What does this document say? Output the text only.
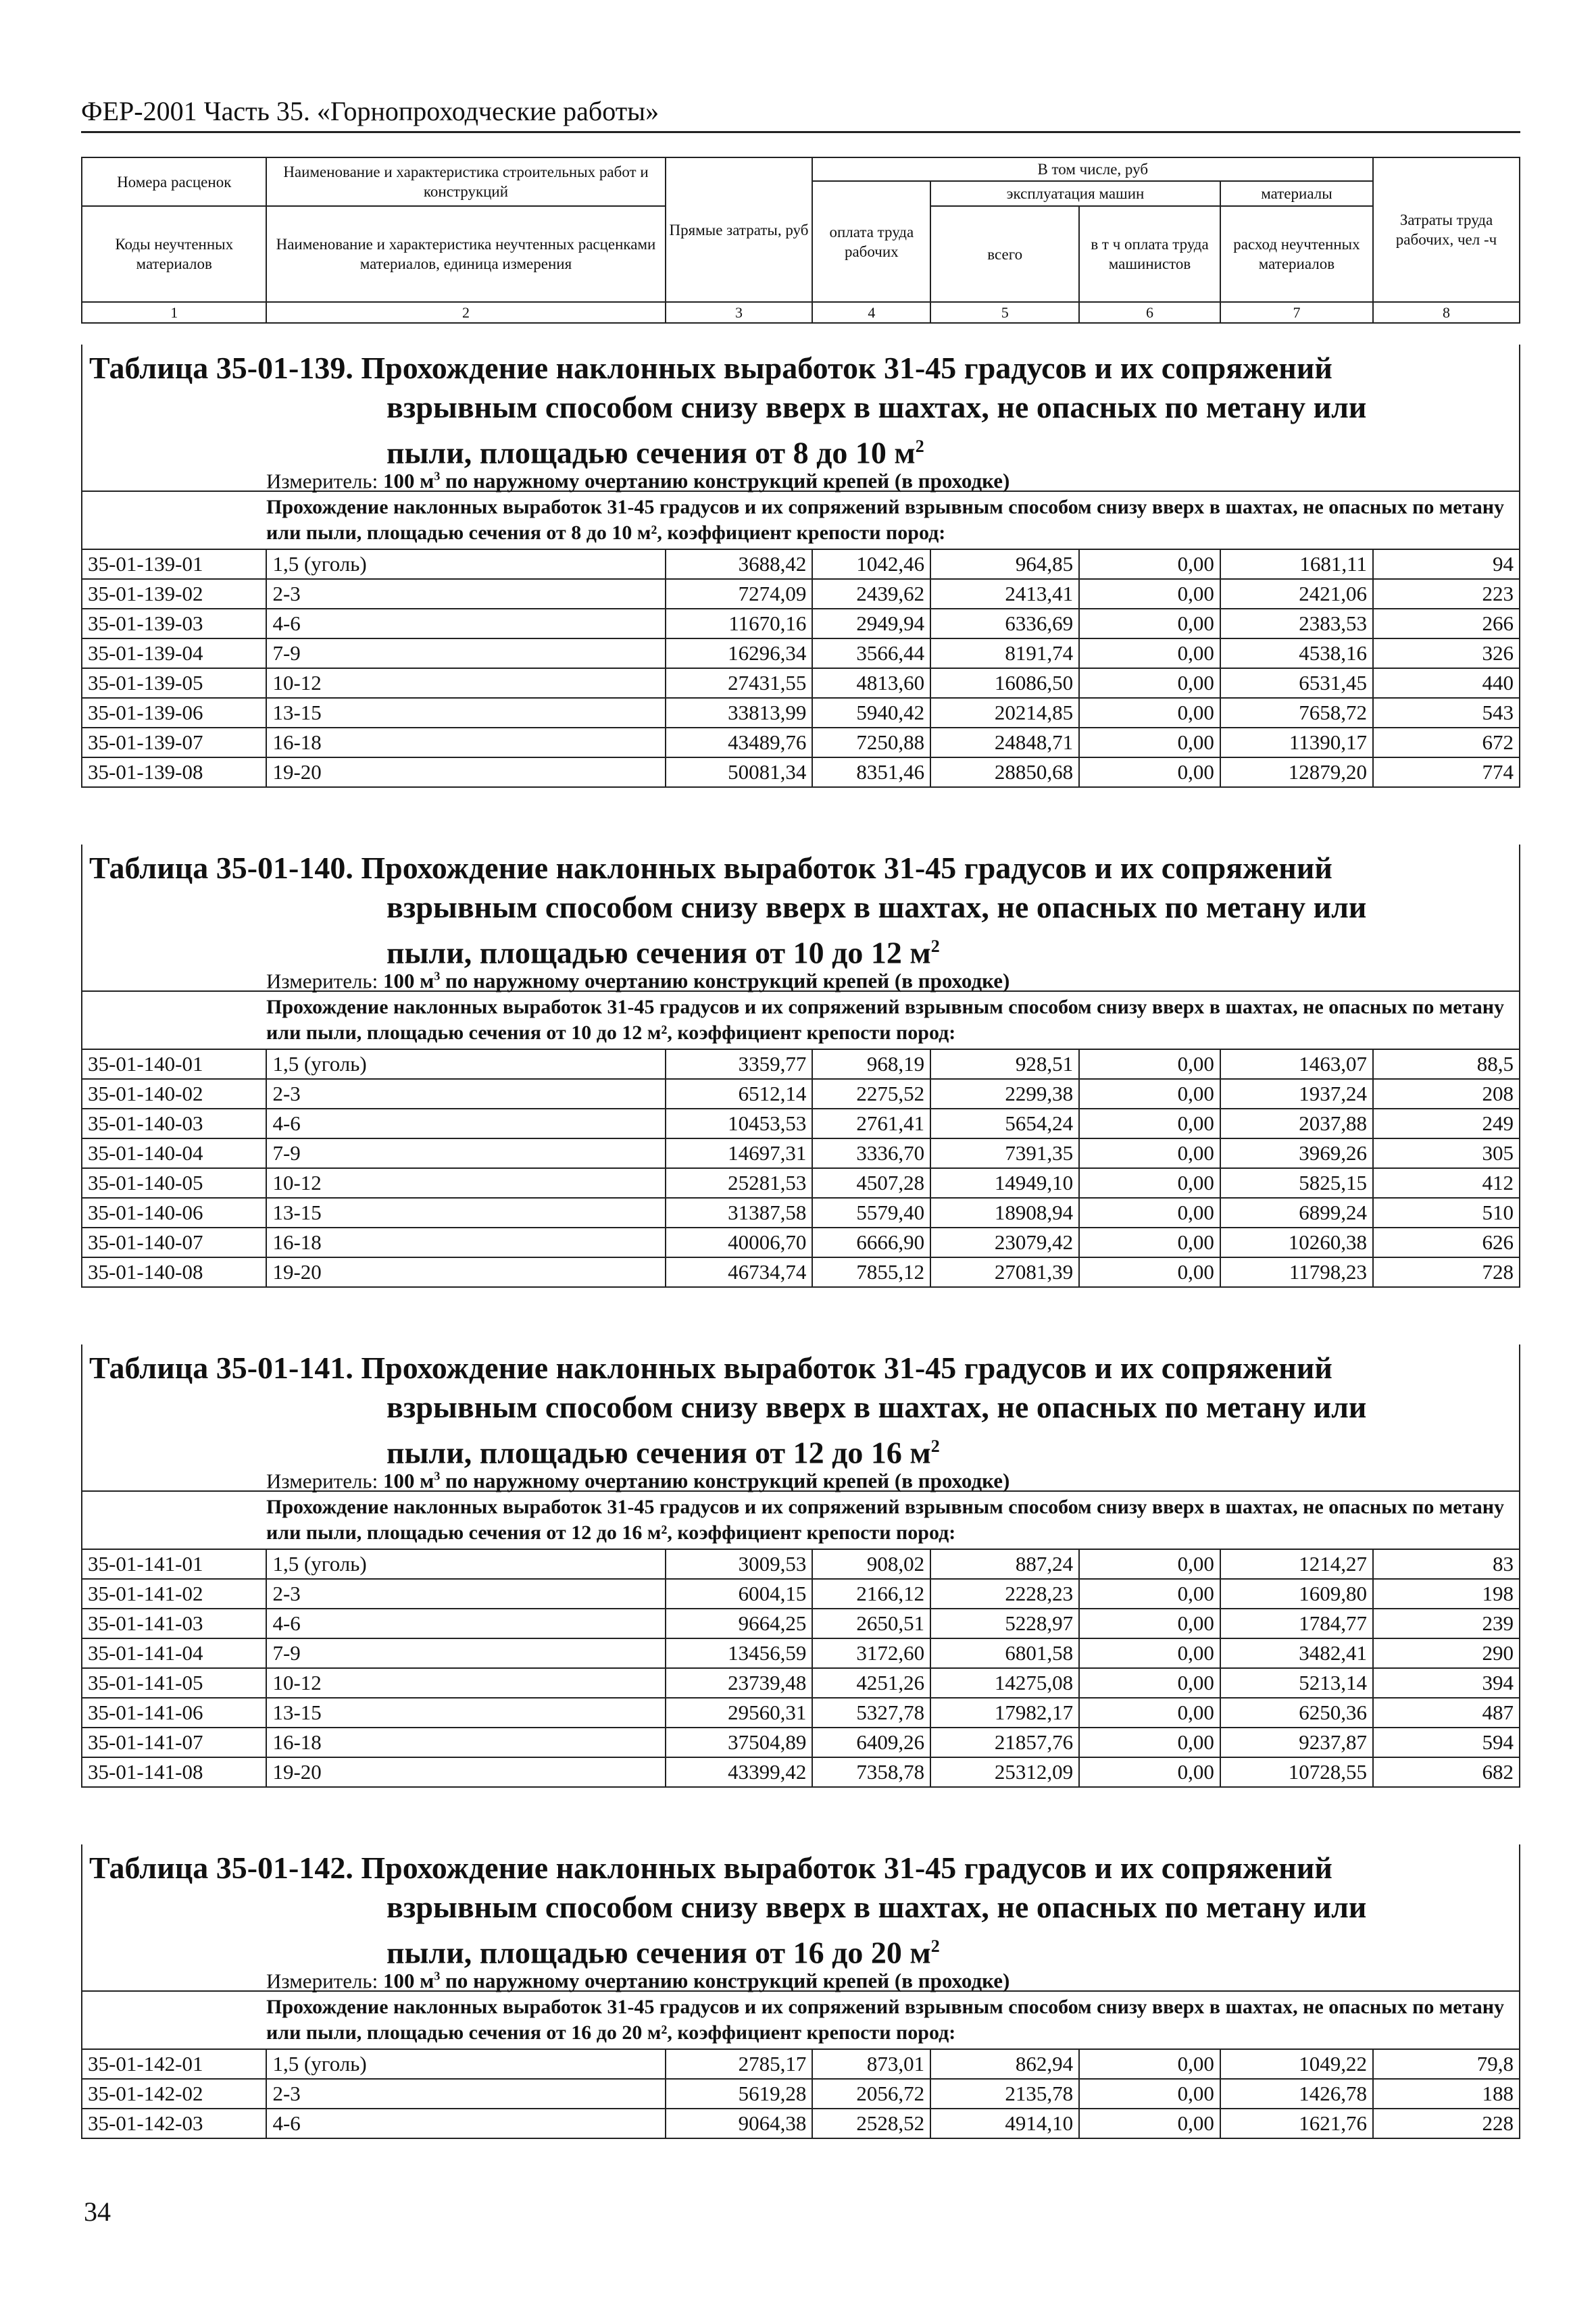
ФЕР-2001 Часть 35. «Горнопроходческие работы»
Номера расценок	Наименование и характеристика строительных работ и конструкций	Прямые затраты, руб	В том числе, руб				Затраты труда рабочих, чел -ч
			оплата труда рабочих	эксплуатация машин		материалы	
Коды неучтенных материалов	Наименование и характеристика неучтенных расценками материалов, единица измерения			всего	в т ч оплата труда машинистов	расход неучтенных материалов	

1	2	3	4	5	6	7	8
Таблица 35-01-139. Прохождение наклонных выработок 31-45 градусов и их сопряжений
взрывным способом снизу вверх в шахтах, не опасных по метану или
пыли, площадью сечения от 8 до 10 $м^2$
Измеритель: 100 $м^3$ по наружному очертанию конструкций крепей (в проходке)
Прохождение наклонных выработок 31-45 градусов и их сопряжений взрывным способом снизу вверх в шахтах, не опасных по метану или пыли, площадью сечения от 8 до 10 м², коэффициент крепости пород:							
35-01-139-01	1,5 (уголь)	3688,42	1042,46	964,85	0,00	1681,11	94
35-01-139-02	2-3	7274,09	2439,62	2413,41	0,00	2421,06	223
35-01-139-03	4-6	11670,16	2949,94	6336,69	0,00	2383,53	266
35-01-139-04	7-9	16296,34	3566,44	8191,74	0,00	4538,16	326
35-01-139-05	10-12	27431,55	4813,60	16086,50	0,00	6531,45	440
35-01-139-06	13-15	33813,99	5940,42	20214,85	0,00	7658,72	543
35-01-139-07	16-18	43489,76	7250,88	24848,71	0,00	11390,17	672
35-01-139-08	19-20	50081,34	8351,46	28850,68	0,00	12879,20	774
Таблица 35-01-140. Прохождение наклонных выработок 31-45 градусов и их сопряжений
взрывным способом снизу вверх в шахтах, не опасных по метану или
пыли, площадью сечения от 10 до 12 $м^2$
Измеритель: 100 $м^3$ по наружному очертанию конструкций крепей (в проходке)
Прохождение наклонных выработок 31-45 градусов и их сопряжений взрывным способом снизу вверх в шахтах, не опасных по метану или пыли, площадью сечения от 10 до 12 м², коэффициент крепости пород:							
35-01-140-01	1,5 (уголь)	3359,77	968,19	928,51	0,00	1463,07	88,5
35-01-140-02	2-3	6512,14	2275,52	2299,38	0,00	1937,24	208
35-01-140-03	4-6	10453,53	2761,41	5654,24	0,00	2037,88	249
35-01-140-04	7-9	14697,31	3336,70	7391,35	0,00	3969,26	305
35-01-140-05	10-12	25281,53	4507,28	14949,10	0,00	5825,15	412
35-01-140-06	13-15	31387,58	5579,40	18908,94	0,00	6899,24	510
35-01-140-07	16-18	40006,70	6666,90	23079,42	0,00	10260,38	626
35-01-140-08	19-20	46734,74	7855,12	27081,39	0,00	11798,23	728
Таблица 35-01-141. Прохождение наклонных выработок 31-45 градусов и их сопряжений
взрывным способом снизу вверх в шахтах, не опасных по метану или
пыли, площадью сечения от 12 до 16 $м^2$
Измеритель: 100 $м^3$ по наружному очертанию конструкций крепей (в проходке)
Прохождение наклонных выработок 31-45 градусов и их сопряжений взрывным способом снизу вверх в шахтах, не опасных по метану или пыли, площадью сечения от 12 до 16 м², коэффициент крепости пород:							
35-01-141-01	1,5 (уголь)	3009,53	908,02	887,24	0,00	1214,27	83
35-01-141-02	2-3	6004,15	2166,12	2228,23	0,00	1609,80	198
35-01-141-03	4-6	9664,25	2650,51	5228,97	0,00	1784,77	239
35-01-141-04	7-9	13456,59	3172,60	6801,58	0,00	3482,41	290
35-01-141-05	10-12	23739,48	4251,26	14275,08	0,00	5213,14	394
35-01-141-06	13-15	29560,31	5327,78	17982,17	0,00	6250,36	487
35-01-141-07	16-18	37504,89	6409,26	21857,76	0,00	9237,87	594
35-01-141-08	19-20	43399,42	7358,78	25312,09	0,00	10728,55	682
Таблица 35-01-142. Прохождение наклонных выработок 31-45 градусов и их сопряжений
взрывным способом снизу вверх в шахтах, не опасных по метану или
пыли, площадью сечения от 16 до 20 $м^2$
Измеритель: 100 $м^3$ по наружному очертанию конструкций крепей (в проходке)
Прохождение наклонных выработок 31-45 градусов и их сопряжений взрывным способом снизу вверх в шахтах, не опасных по метану или пыли, площадью сечения от 16 до 20 м², коэффициент крепости пород:							
35-01-142-01	1,5 (уголь)	2785,17	873,01	862,94	0,00	1049,22	79,8
35-01-142-02	2-3	5619,28	2056,72	2135,78	0,00	1426,78	188
35-01-142-03	4-6	9064,38	2528,52	4914,10	0,00	1621,76	228
34
